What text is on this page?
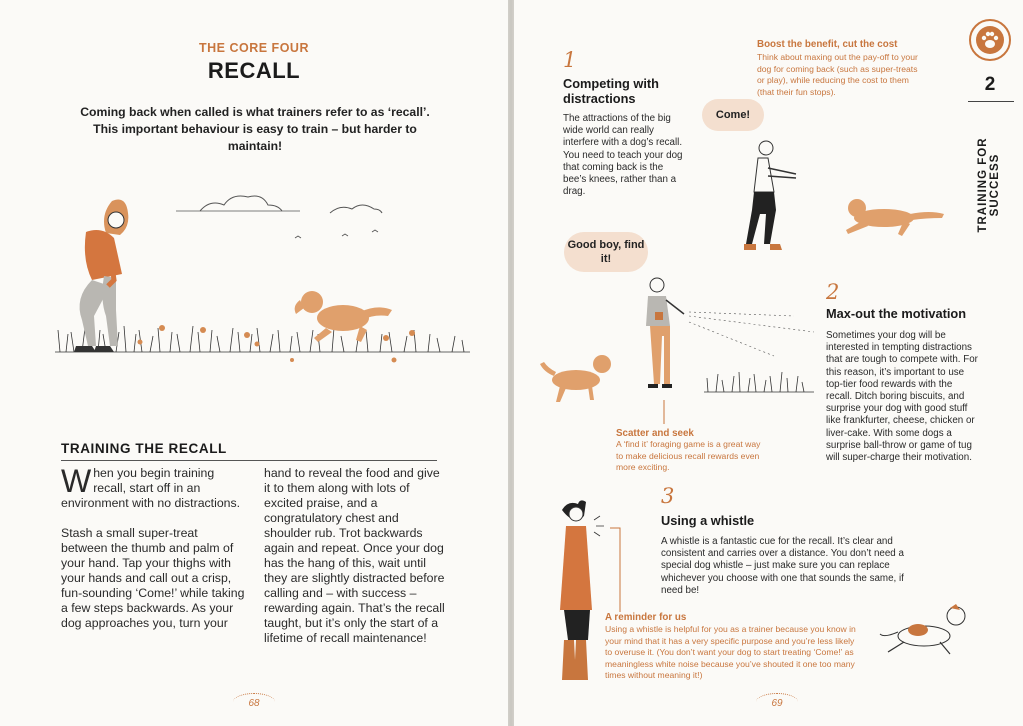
THE CORE FOUR
RECALL
Coming back when called is what trainers refer to as ‘recall’. This important behaviour is easy to train – but harder to maintain!
TRAINING THE RECALL

When you begin training recall, start off in an environment with no distractions.

Stash a small super-treat between the thumb and palm of your hand. Tap your thighs with your hands and call out a crisp, fun-sounding ‘Come!’ while taking a few steps backwards. As your dog approaches you, turn your

hand to reveal the food and give it to them along with lots of excited praise, and a congratulatory chest and shoulder rub. Trot backwards again and repeat. Once your dog has the hang of this, wait until they are slightly distracted before calling and – with success – rewarding again. That’s the recall taught, but it’s only the start of a lifetime of recall maintenance!
68
2
TRAINING FOR SUCCESS
1
Competing with distractions
The attractions of the big wide world can really interfere with a dog’s recall. You need to teach your dog that coming back is the bee’s knees, rather than a drag.
Boost the benefit, cut the cost
Think about maxing out the pay-off to your dog for coming back (such as super-treats or play), while reducing the cost to them (that their fun stops).
Come!
Good boy, find it!
2
Max-out the motivation
Sometimes your dog will be interested in tempting distractions that are tough to compete with. For this reason, it’s important to use top-tier food rewards with the recall. Ditch boring biscuits, and surprise your dog with good stuff like frankfurter, cheese, chicken or liver-cake. With some dogs a surprise ball-throw or game of tug will super-charge their motivation.
Scatter and seek
A ‘find it’ foraging game is a great way to make delicious recall rewards even more exciting.
3
Using a whistle
A whistle is a fantastic cue for the recall. It’s clear and consistent and carries over a distance. You don’t need a special dog whistle – just make sure you can replace whichever you choose with one that sounds the same, if need be!
A reminder for us
Using a whistle is helpful for you as a trainer because you know in your mind that it has a very specific purpose and you’re less likely to overuse it. (You don’t want your dog to start treating ‘Come!’ as meaningless white noise because you’ve shouted it one too many times without meaning it!)
69
